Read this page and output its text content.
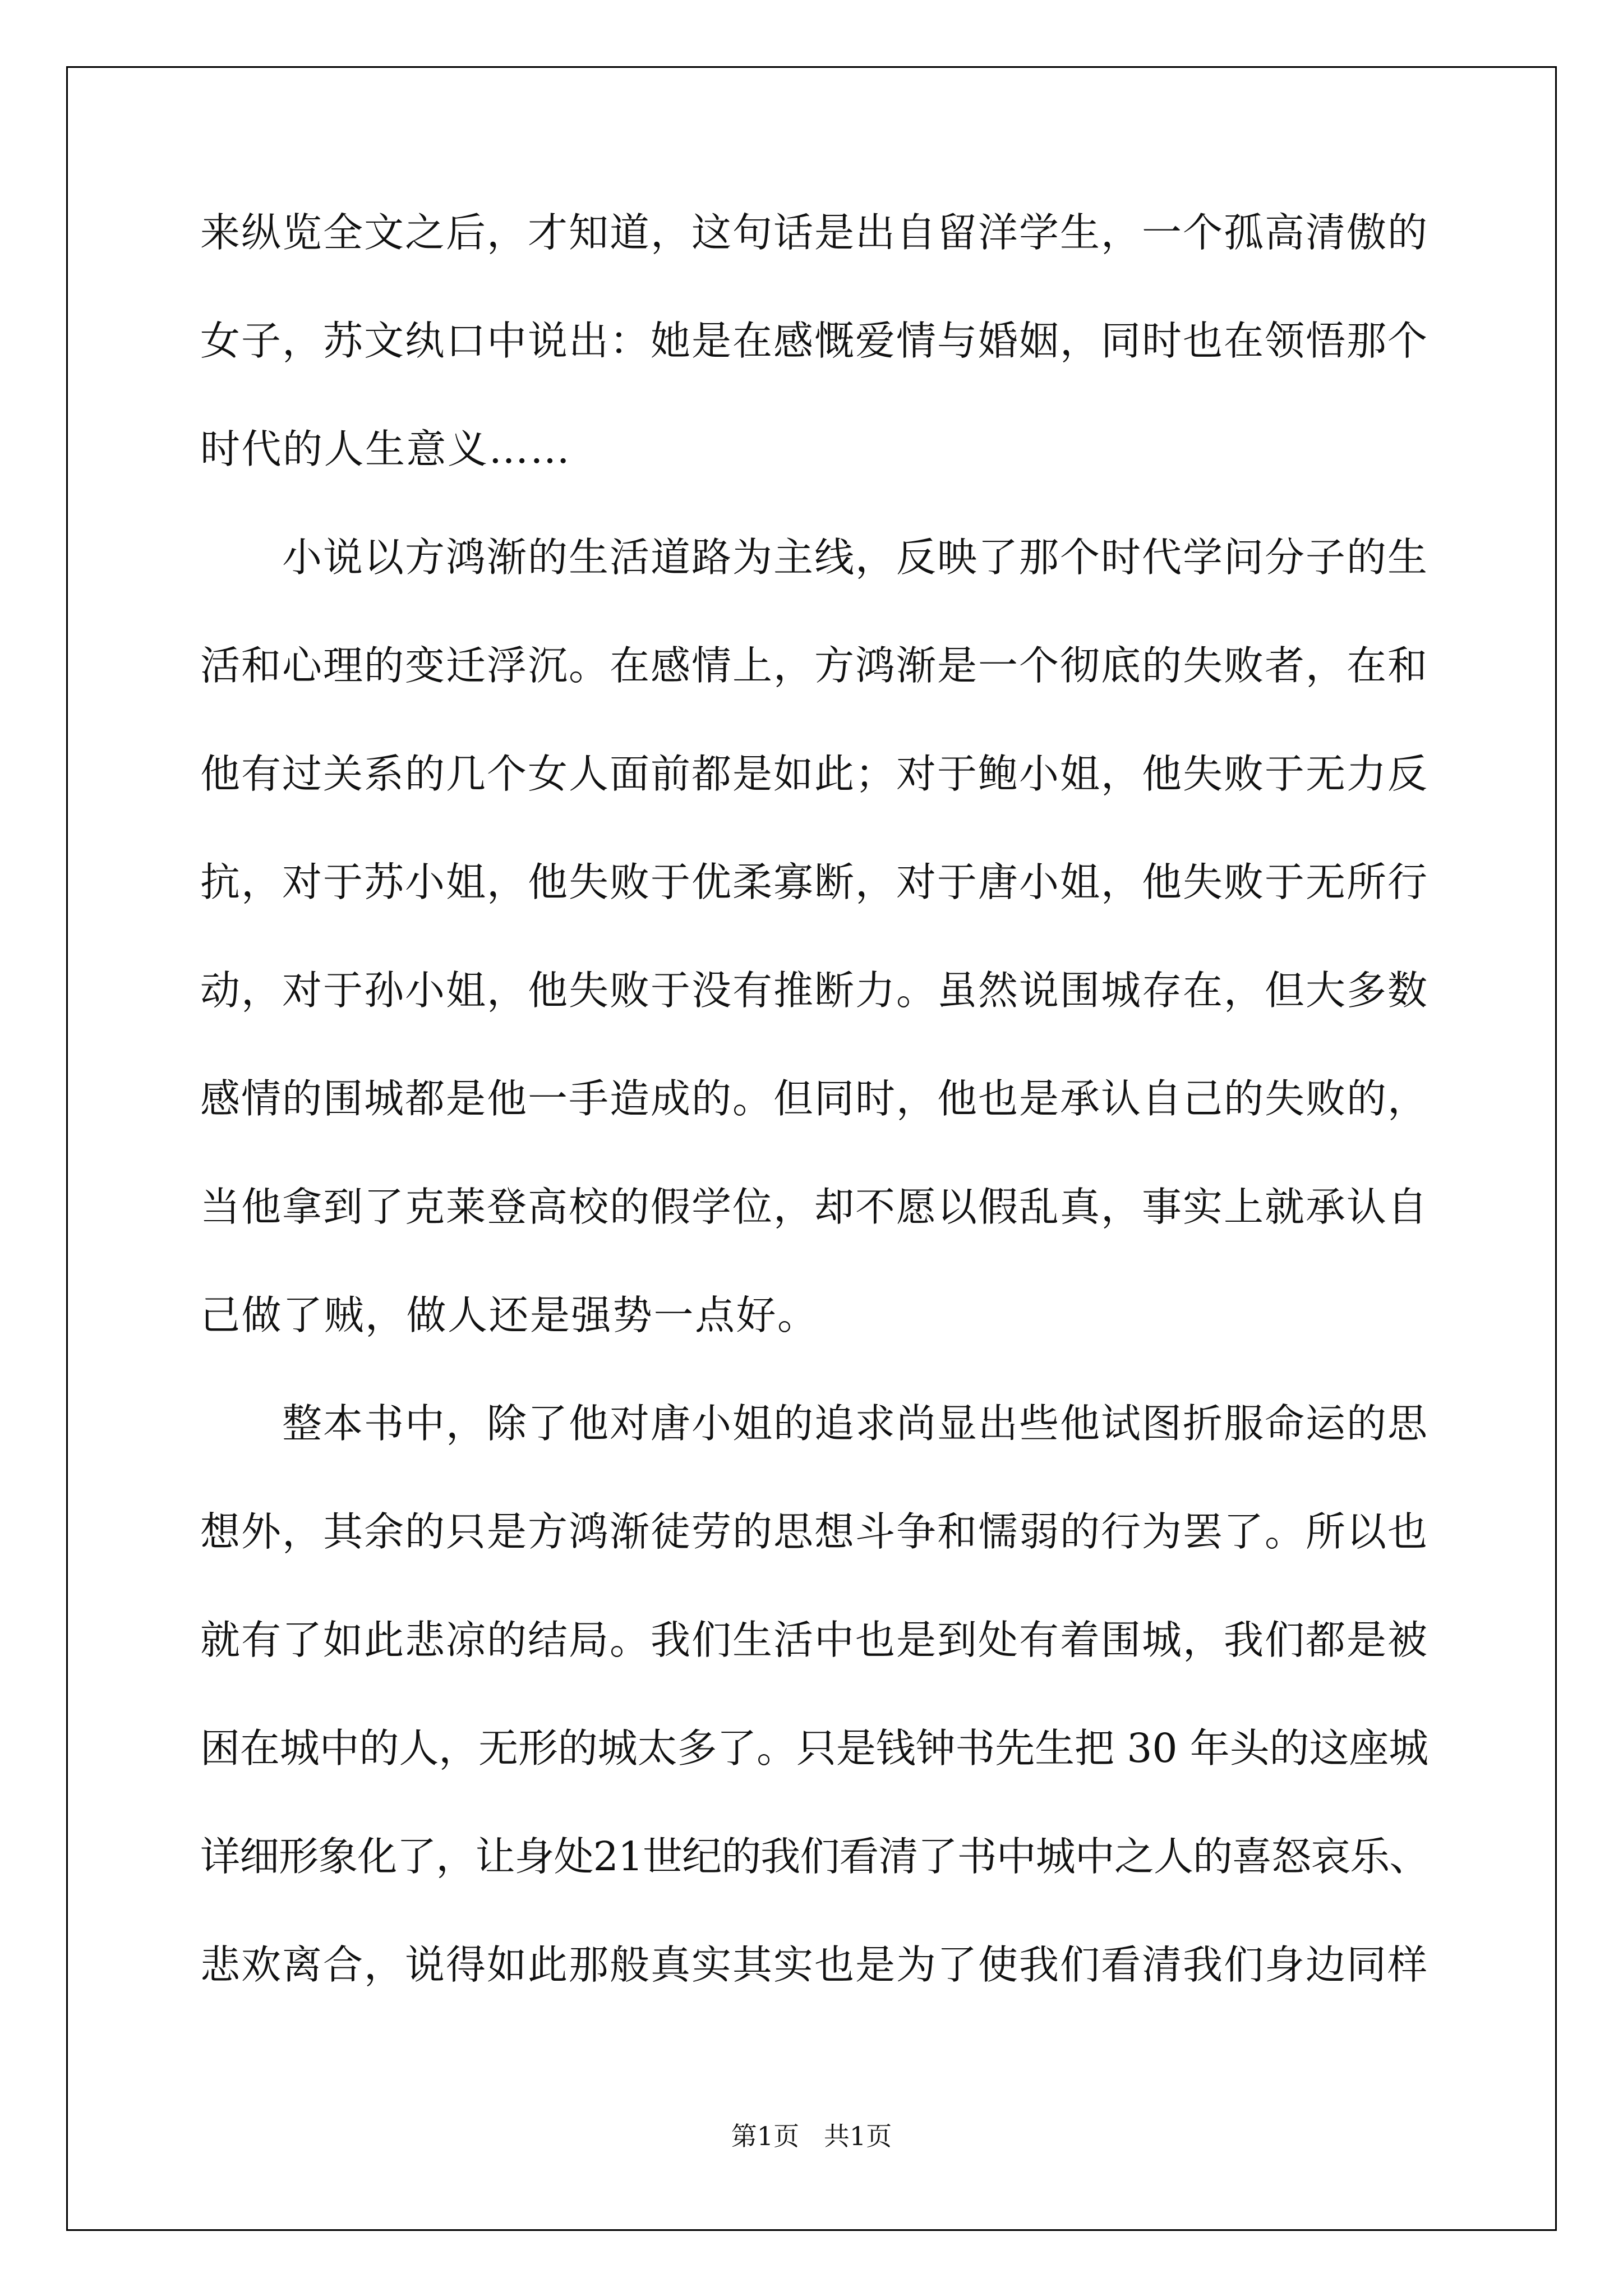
来纵览全文之后，才知道，这句话是出自留洋学生，一个孤高清傲的
女子，苏文纨口中说出：她是在感慨爱情与婚姻，同时也在领悟那个
时代的人生意义……
　　小说以方鸿渐的生活道路为主线，反映了那个时代学问分子的生
活和心理的变迁浮沉。在感情上，方鸿渐是一个彻底的失败者，在和
他有过关系的几个女人面前都是如此；对于鲍小姐，他失败于无力反
抗，对于苏小姐，他失败于优柔寡断，对于唐小姐，他失败于无所行
动，对于孙小姐，他失败于没有推断力。虽然说围城存在，但大多数
感情的围城都是他一手造成的。但同时，他也是承认自己的失败的，
当他拿到了克莱登高校的假学位，却不愿以假乱真，事实上就承认自
己做了贼，做人还是强势一点好。
　　整本书中，除了他对唐小姐的追求尚显出些他试图折服命运的思
想外，其余的只是方鸿渐徒劳的思想斗争和懦弱的行为罢了。所以也
就有了如此悲凉的结局。我们生活中也是到处有着围城，我们都是被
困在城中的人，无形的城太多了。只是钱钟书先生把 30 年头的这座城
详细形象化了，让身处21世纪的我们看清了书中城中之人的喜怒哀乐、
悲欢离合，说得如此那般真实其实也是为了使我们看清我们身边同样
第1页   共1页
